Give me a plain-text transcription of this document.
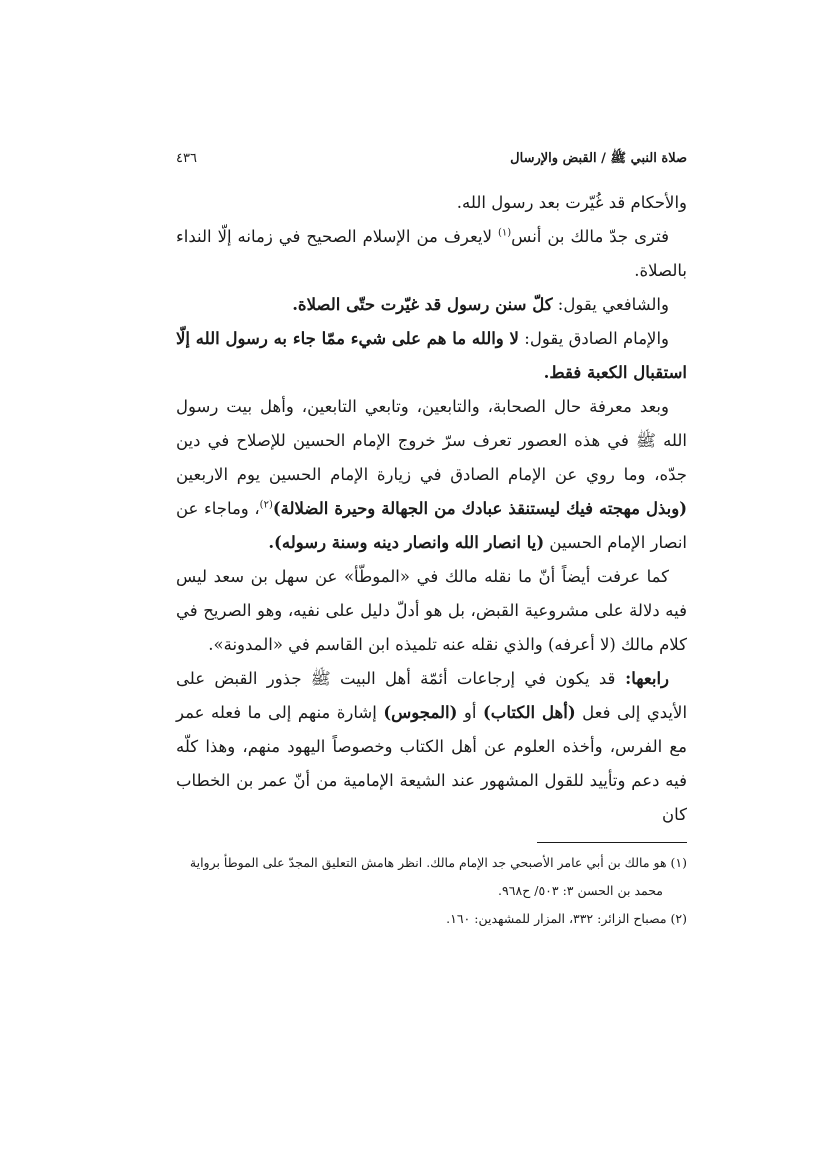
صلاة النبي ﷺ / القبض والإرسال
٤٣٦

والأحكام قد غُيّرت بعد رسول الله.

فترى جدّ مالك بن أنس$^{(١)}$ لايعرف من الإسلام الصحيح في زمانه إلّا النداء بالصلاة.

والشافعي يقول: كلّ سنن رسول قد غيّرت حتّى الصلاة.

والإمام الصادق يقول: لا والله ما هم على شيء ممّا جاء به رسول الله إلّا استقبال الكعبة فقط.

وبعد معرفة حال الصحابة، والتابعين، وتابعي التابعين، وأهل بيت رسول الله ﷺ في هذه العصور تعرف سرّ خروج الإمام الحسين للإصلاح في دين جدّه، وما روي عن الإمام الصادق في زيارة الإمام الحسين يوم الاربعين (وبذل مهجته فيك ليستنقذ عبادك من الجهالة وحيرة الضلالة)$^{(٢)}$، وماجاء عن انصار الإمام الحسين (يا انصار الله وانصار دينه وسنة رسوله).

كما عرفت أيضاً أنّ ما نقله مالك في «الموطّأ» عن سهل بن سعد ليس فيه دلالة على مشروعية القبض، بل هو أدلّ دليل على نفيه، وهو الصريح في كلام مالك (لا أعرفه) والذي نقله عنه تلميذه ابن القاسم في «المدونة».

رابعها: قد يكون في إرجاعات أئمّة أهل البيت ﷺ جذور القبض على الأيدي إلى فعل (أهل الكتاب) أو (المجوس) إشارة منهم إلى ما فعله عمر مع الفرس، وأخذه العلوم عن أهل الكتاب وخصوصاً اليهود منهم، وهذا كلّه فيه دعم وتأييد للقول المشهور عند الشيعة الإمامية من أنّ عمر بن الخطاب كان

(١) هو مالك بن أبي عامر الأصبحي جد الإمام مالك. انظر هامش التعليق المجدّ على الموطأ برواية
محمد بن الحسن ٣: ٥٠٣/ ح٩٦٨.

(٢) مصباح الزائر: ٣٣٢، المزار للمشهدين: ١٦٠.
